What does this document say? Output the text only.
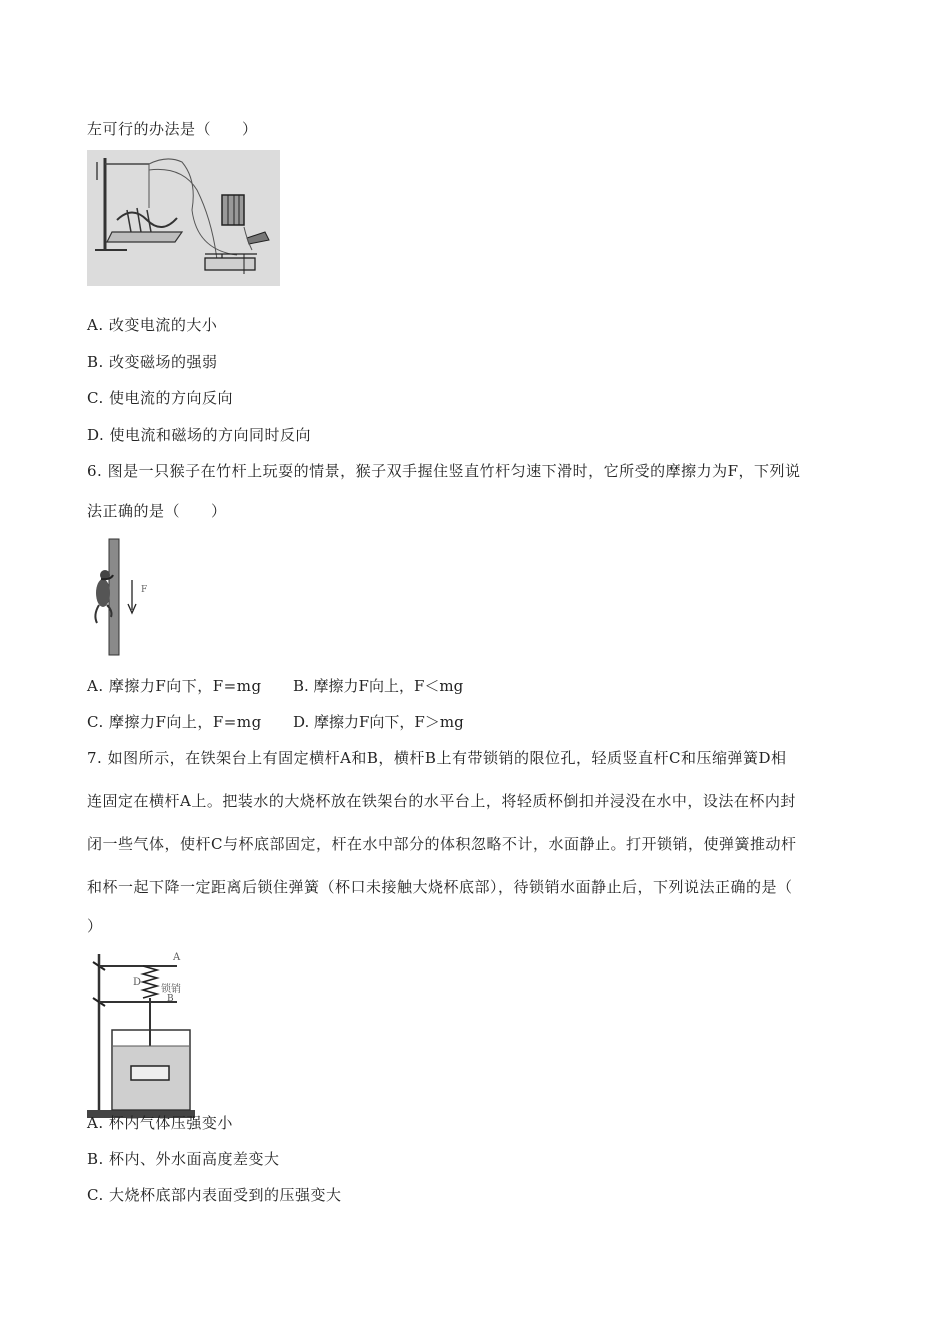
左可行的办法是（　　）
A. 改变电流的大小
B. 改变磁场的强弱
C. 使电流的方向反向
D. 使电流和磁场的方向同时反向
6. 图是一只猴子在竹杆上玩耍的情景，猴子双手握住竖直竹杆匀速下滑时，它所受的摩擦力为F，下列说
法正确的是（　　）
F
A. 摩擦力F向下，F=mg B. 摩擦力F向上，F＜mg
C. 摩擦力F向上，F=mg D. 摩擦力F向下，F＞mg
7. 如图所示，在铁架台上有固定横杆A和B，横杆B上有带锁销的限位孔，轻质竖直杆C和压缩弹簧D相
连固定在横杆A上。把装水的大烧杯放在铁架台的水平台上，将轻质杯倒扣并浸没在水中，设法在杯内封
闭一些气体，使杆C与杯底部固定，杆在水中部分的体积忽略不计，水面静止。打开锁销，使弹簧推动杆
和杯一起下降一定距离后锁住弹簧（杯口未接触大烧杯底部），待锁销水面静止后，下列说法正确的是（
）
A
D
锁销
B
A. 杯内气体压强变小
B. 杯内、外水面高度差变大
C. 大烧杯底部内表面受到的压强变大
